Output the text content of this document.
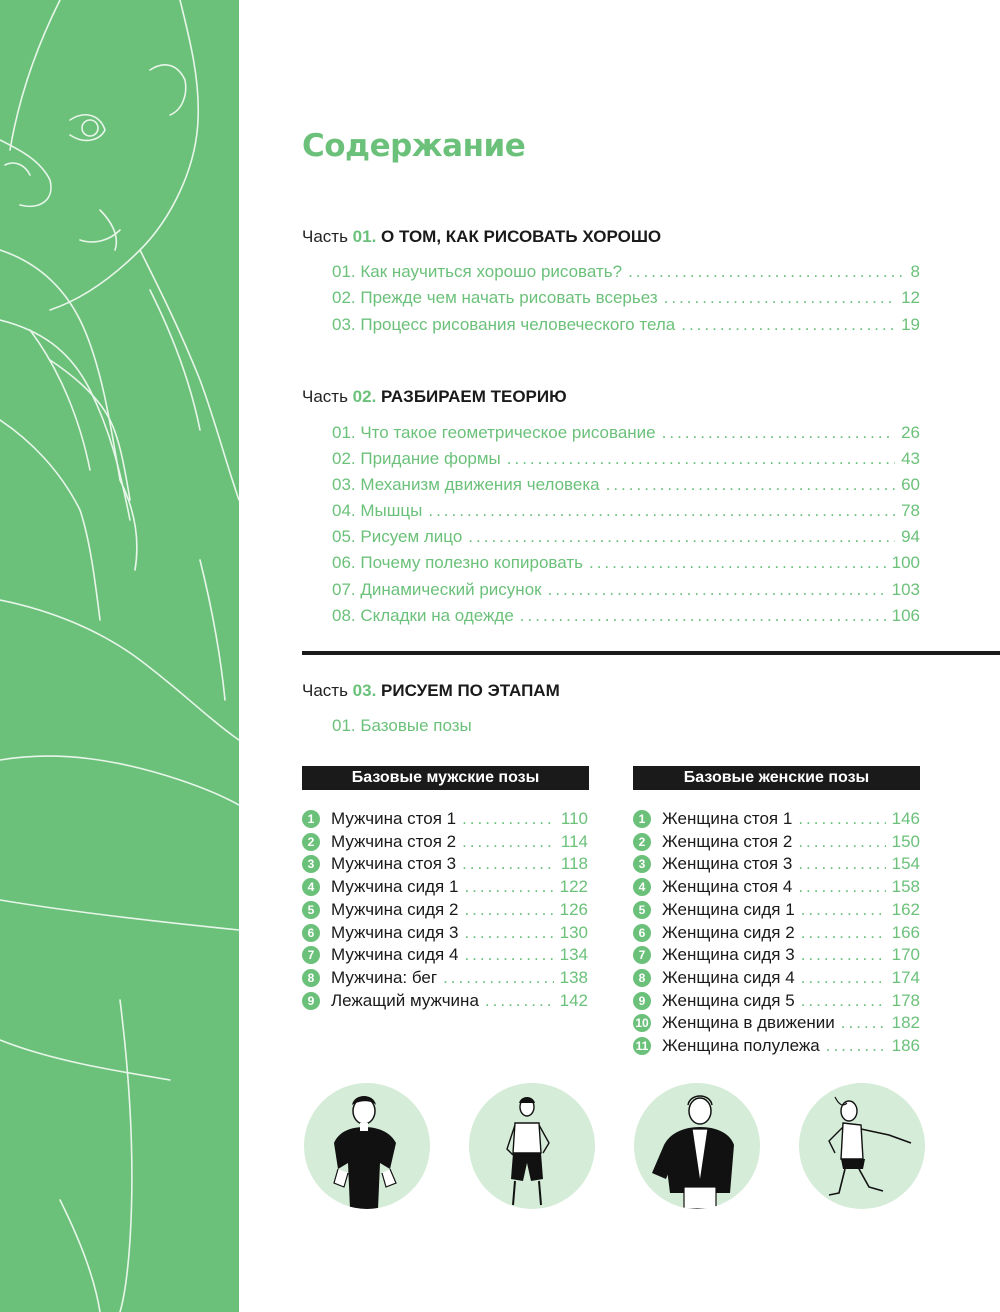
Содержание
Часть 01. О ТОМ, КАК РИСОВАТЬ ХОРОШО
01. Как научиться хорошо рисовать? .....	8
02. Прежде чем начать рисовать всерьез .....	12
03. Процесс рисования человеческого тела .....	19
Часть 02. РАЗБИРАЕМ ТЕОРИЮ
01. Что такое геометрическое рисование .....	26
02. Придание формы .....	43
03. Механизм движения человека .....	60
04. Мышцы .....	78
05. Рисуем лицо .....	94
06. Почему полезно копировать .....	100
07. Динамический рисунок .....	103
08. Складки на одежде .....	106
Часть 03. РИСУЕМ ПО ЭТАПАМ
01. Базовые позы
Базовые мужские позы
1 Мужчина стоя 1 .....	110
2 Мужчина стоя 2 .....	114
3 Мужчина стоя 3 .....	118
4 Мужчина сидя 1 .....	122
5 Мужчина сидя 2 .....	126
6 Мужчина сидя 3 .....	130
7 Мужчина сидя 4 .....	134
8 Мужчина: бег .....	138
9 Лежащий мужчина .....	142
Базовые женские позы
1 Женщина стоя 1 .....	146
2 Женщина стоя 2 .....	150
3 Женщина стоя 3 .....	154
4 Женщина стоя 4 .....	158
5 Женщина сидя 1 .....	162
6 Женщина сидя 2 .....	166
7 Женщина сидя 3 .....	170
8 Женщина сидя 4 .....	174
9 Женщина сидя 5 .....	178
10 Женщина в движении .....	182
11 Женщина полулежа .....	186
